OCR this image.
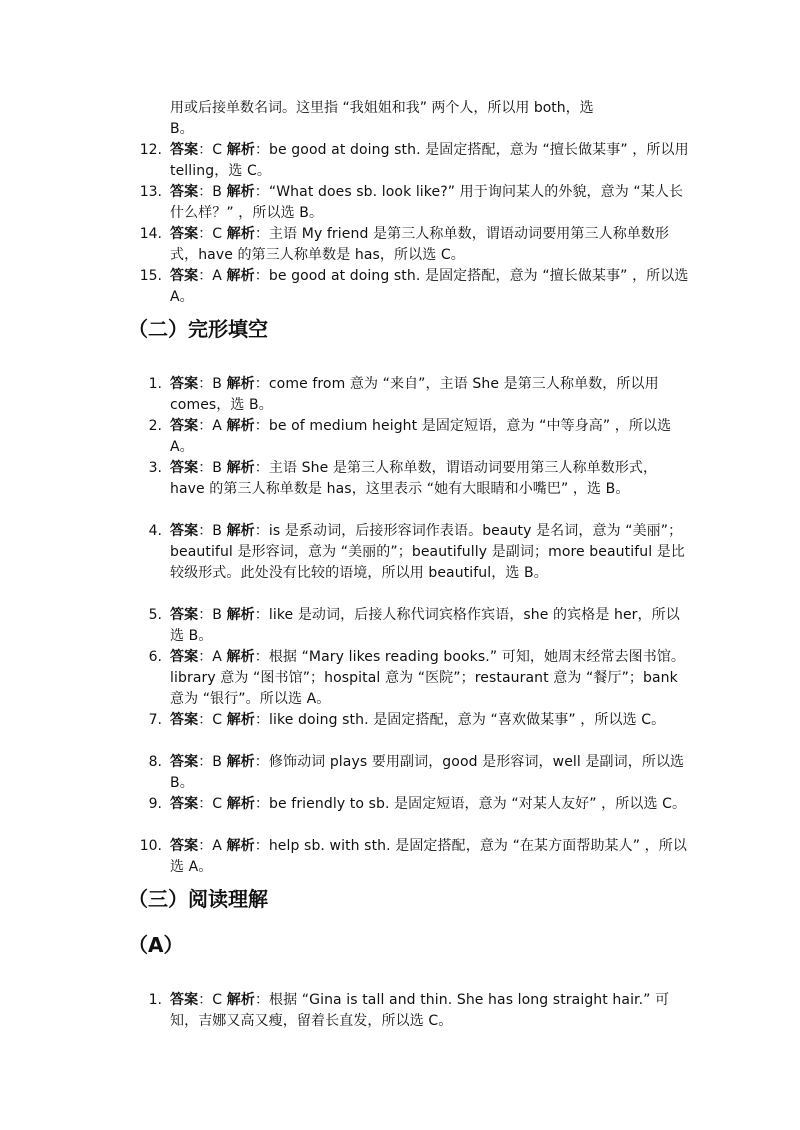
用或后接单数名词。这里指 “我姐姐和我” 两个人，所以用 both，选
B。
12. 答案：C 解析：be good at doing sth. 是固定搭配，意为 “擅长做某事” ，所以用 telling，选 C。
13. 答案：B 解析：“What does sb. look like?” 用于询问某人的外貌，意为 “某人长什么样？” ，所以选 B。
14. 答案：C 解析：主语 My friend 是第三人称单数，谓语动词要用第三人称单数形式，have 的第三人称单数是 has，所以选 C。
15. 答案：A 解析：be good at doing sth. 是固定搭配，意为 “擅长做某事” ，所以选 A。
（二）完形填空
1. 答案：B 解析：come from 意为 “来自”，主语 She 是第三人称单数，所以用 comes，选 B。
2. 答案：A 解析：be of medium height 是固定短语，意为 “中等身高” ，所以选 A。
3. 答案：B 解析：主语 She 是第三人称单数，谓语动词要用第三人称单数形式，have 的第三人称单数是 has，这里表示 “她有大眼睛和小嘴巴” ，选 B。
4. 答案：B 解析：is 是系动词，后接形容词作表语。beauty 是名词，意为 “美丽”；beautiful 是形容词，意为 “美丽的”；beautifully 是副词；more beautiful 是比较级形式。此处没有比较的语境，所以用 beautiful，选 B。
5. 答案：B 解析：like 是动词，后接人称代词宾格作宾语，she 的宾格是 her，所以选 B。
6. 答案：A 解析：根据 “Mary likes reading books.” 可知，她周末经常去图书馆。library 意为 “图书馆”；hospital 意为 “医院”；restaurant 意为 “餐厅”；bank 意为 “银行”。所以选 A。
7. 答案：C 解析：like doing sth. 是固定搭配，意为 “喜欢做某事” ，所以选 C。
8. 答案：B 解析：修饰动词 plays 要用副词，good 是形容词，well 是副词，所以选 B。
9. 答案：C 解析：be friendly to sb. 是固定短语，意为 “对某人友好” ，所以选 C。
10. 答案：A 解析：help sb. with sth. 是固定搭配，意为 “在某方面帮助某人” ，所以选 A。
（三）阅读理解
（A）
1. 答案：C 解析：根据 “Gina is tall and thin. She has long straight hair.” 可知，吉娜又高又瘦，留着长直发，所以选 C。
